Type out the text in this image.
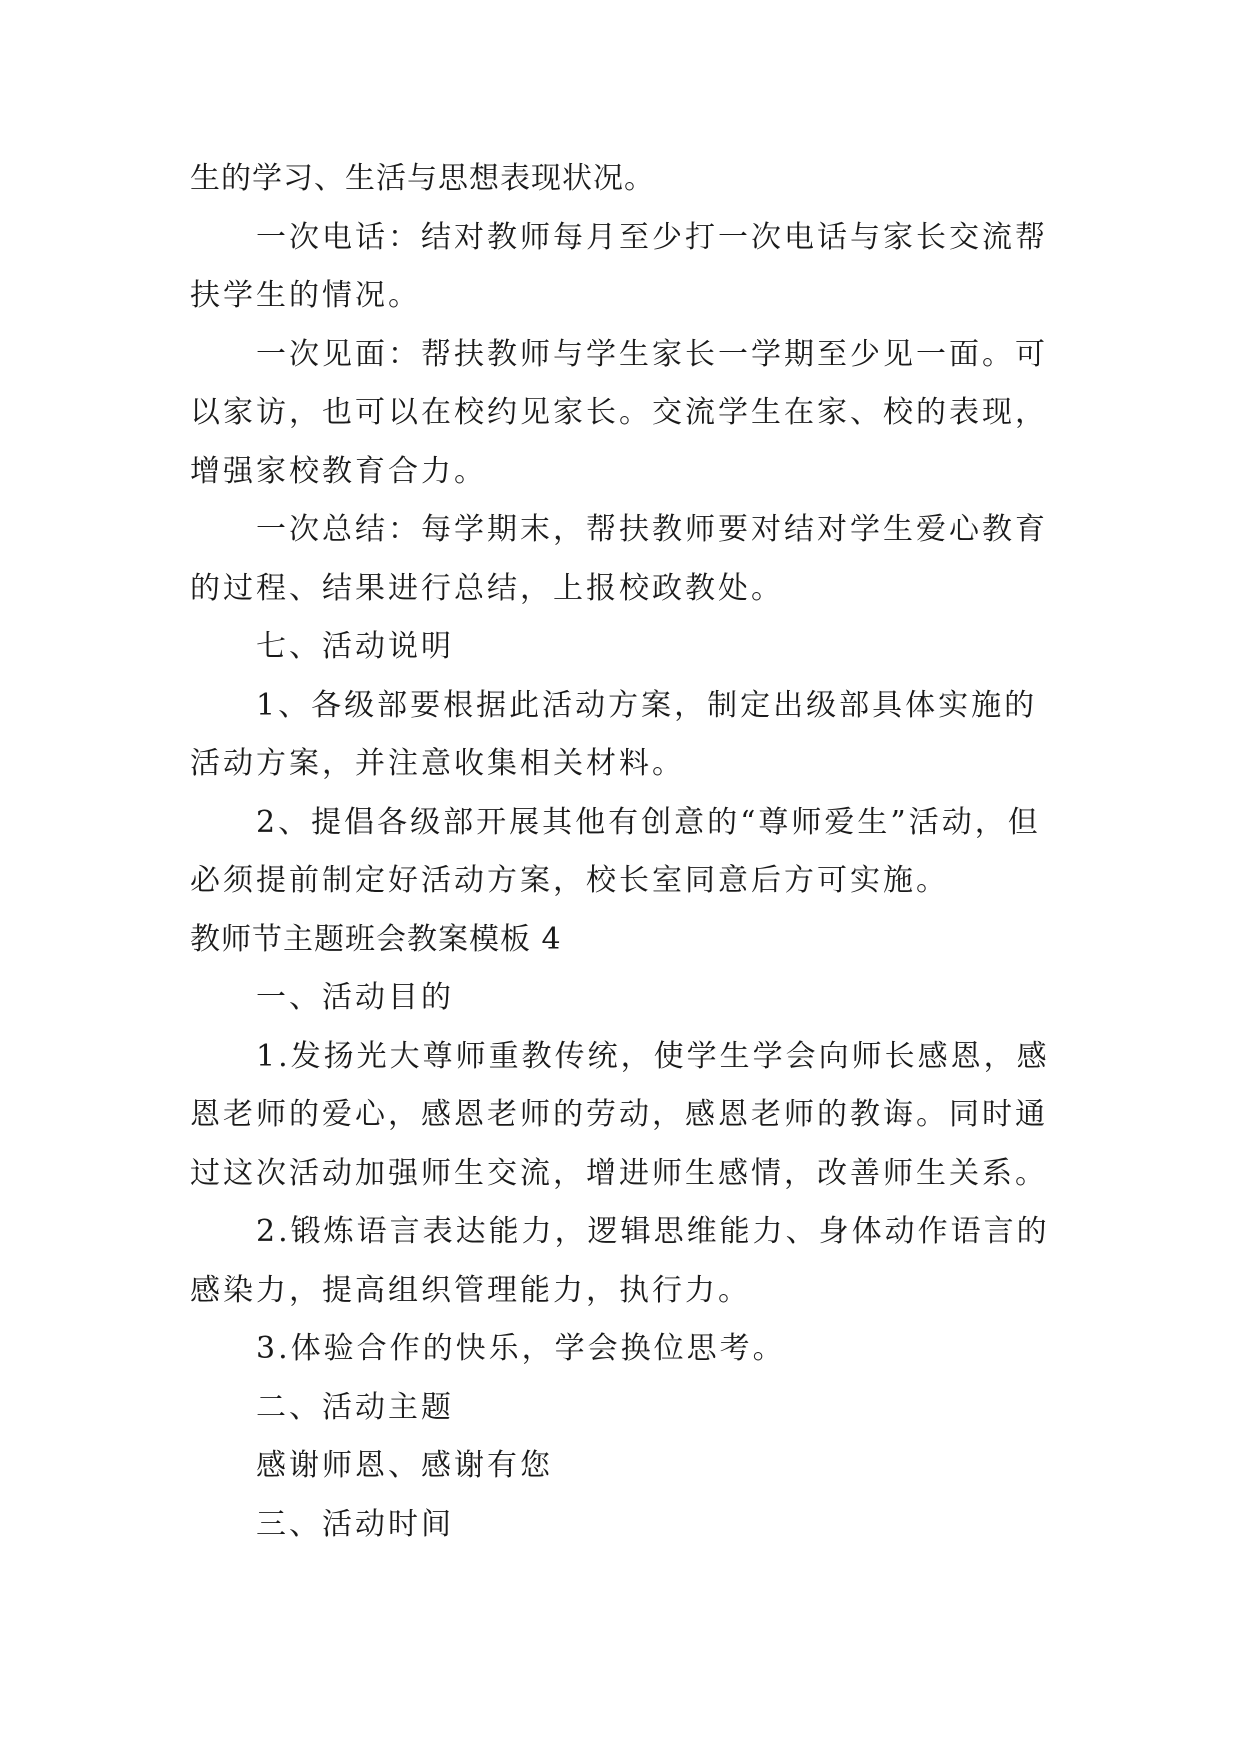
生的学习、生活与思想表现状况。

一次电话：结对教师每月至少打一次电话与家长交流帮扶学生的情况。

一次见面：帮扶教师与学生家长一学期至少见一面。可以家访，也可以在校约见家长。交流学生在家、校的表现，增强家校教育合力。

一次总结：每学期末，帮扶教师要对结对学生爱心教育的过程、结果进行总结，上报校政教处。

七、活动说明

1、各级部要根据此活动方案，制定出级部具体实施的活动方案，并注意收集相关材料。

2、提倡各级部开展其他有创意的“尊师爱生”活动，但必须提前制定好活动方案，校长室同意后方可实施。

教师节主题班会教案模板 4

一、活动目的

1.发扬光大尊师重教传统，使学生学会向师长感恩，感恩老师的爱心，感恩老师的劳动，感恩老师的教诲。同时通过这次活动加强师生交流，增进师生感情，改善师生关系。

2.锻炼语言表达能力，逻辑思维能力、身体动作语言的感染力，提高组织管理能力，执行力。

3.体验合作的快乐，学会换位思考。

二、活动主题

感谢师恩、感谢有您

三、活动时间
